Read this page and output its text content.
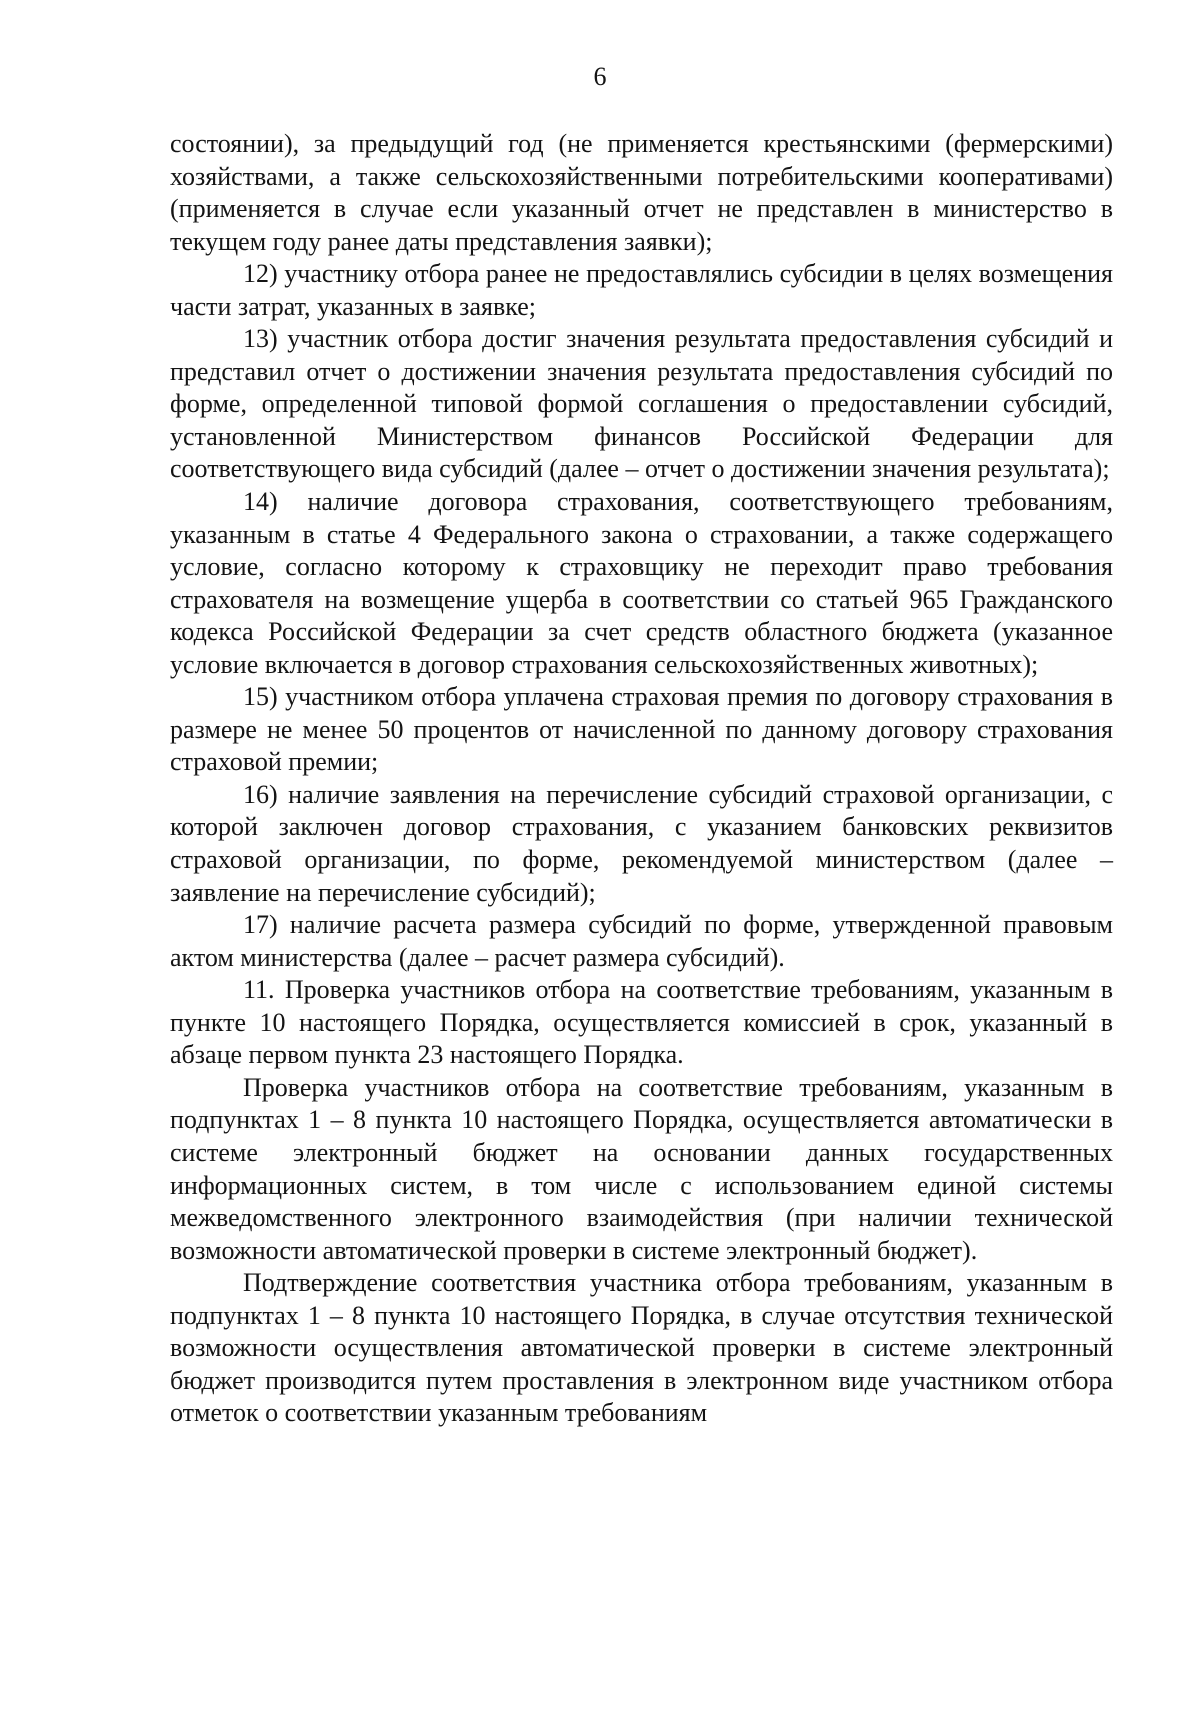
6

состоянии), за предыдущий год (не применяется крестьянскими (фермерскими) хозяйствами, а также сельскохозяйственными потребительскими кооперативами) (применяется в случае если указанный отчет не представлен в министерство в текущем году ранее даты представления заявки);

12) участнику отбора ранее не предоставлялись субсидии в целях возмещения части затрат, указанных в заявке;

13) участник отбора достиг значения результата предоставления субсидий и представил отчет о достижении значения результата предоставления субсидий по форме, определенной типовой формой соглашения о предоставлении субсидий, установленной Министерством финансов Российской Федерации для соответствующего вида субсидий (далее – отчет о достижении значения результата);

14) наличие договора страхования, соответствующего требованиям, указанным в статье 4 Федерального закона о страховании, а также содержащего условие, согласно которому к страховщику не переходит право требования страхователя на возмещение ущерба в соответствии со статьей 965 Гражданского кодекса Российской Федерации за счет средств областного бюджета (указанное условие включается в договор страхования сельскохозяйственных животных);

15) участником отбора уплачена страховая премия по договору страхования в размере не менее 50 процентов от начисленной по данному договору страхования страховой премии;

16) наличие заявления на перечисление субсидий страховой организации, с которой заключен договор страхования, с указанием банковских реквизитов страховой организации, по форме, рекомендуемой министерством (далее – заявление на перечисление субсидий);

17) наличие расчета размера субсидий по форме, утвержденной правовым актом министерства (далее – расчет размера субсидий).

11. Проверка участников отбора на соответствие требованиям, указанным в пункте 10 настоящего Порядка, осуществляется комиссией в срок, указанный в абзаце первом пункта 23 настоящего Порядка.

Проверка участников отбора на соответствие требованиям, указанным в подпунктах 1 – 8 пункта 10 настоящего Порядка, осуществляется автоматически в системе электронный бюджет на основании данных государственных информационных систем, в том числе с использованием единой системы межведомственного электронного взаимодействия (при наличии технической возможности автоматической проверки в системе электронный бюджет).

Подтверждение соответствия участника отбора требованиям, указанным в подпунктах 1 – 8 пункта 10 настоящего Порядка, в случае отсутствия технической возможности осуществления автоматической проверки в системе электронный бюджет производится путем проставления в электронном виде участником отбора отметок о соответствии указанным требованиям
